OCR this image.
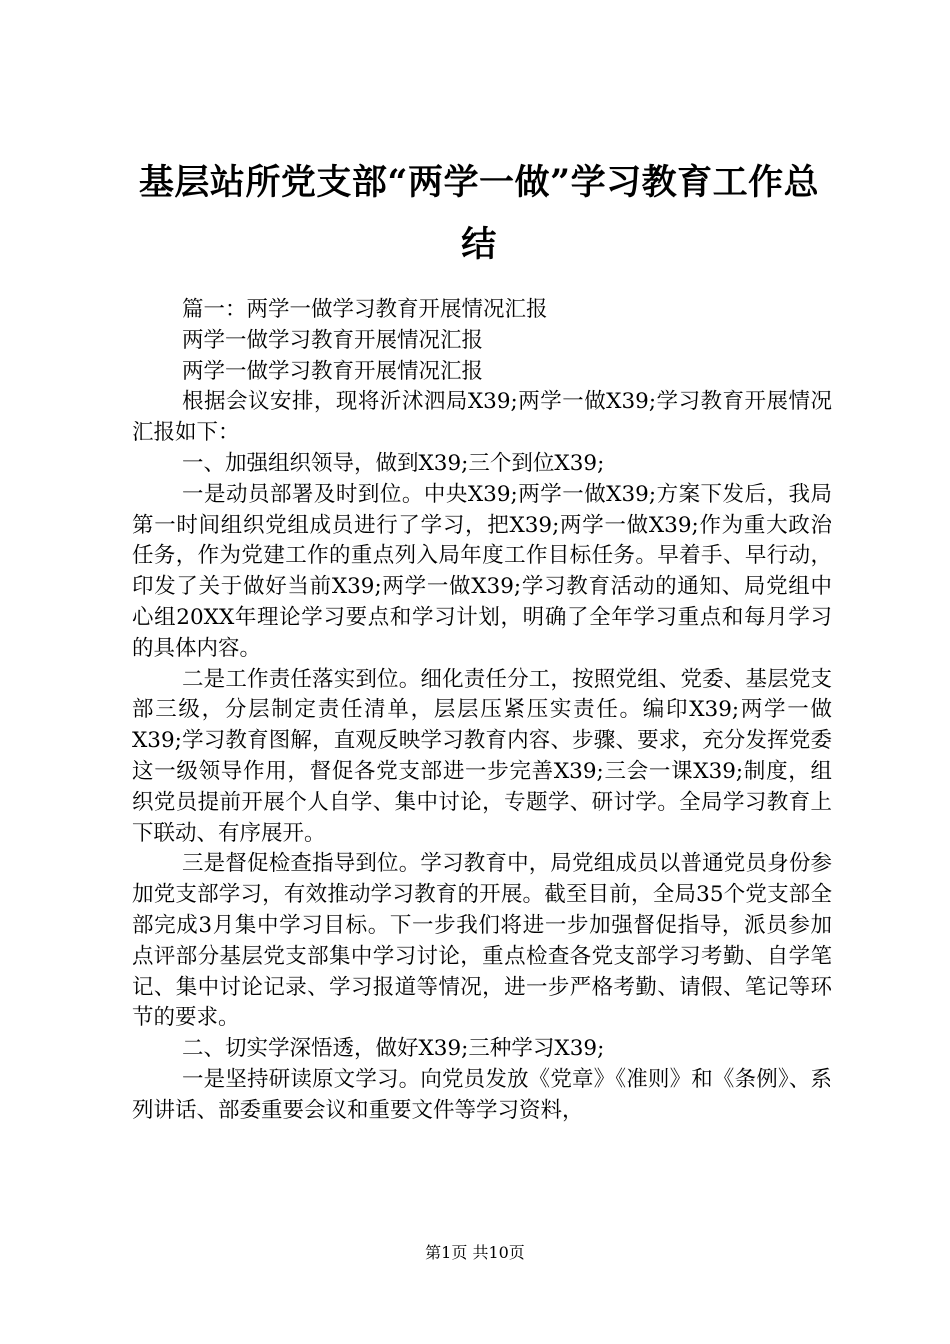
基层站所党支部“两学一做”学习教育工作总
结

篇一：两学一做学习教育开展情况汇报

两学一做学习教育开展情况汇报

两学一做学习教育开展情况汇报

根据会议安排，现将沂沭泗局X39;两学一做X39;学习教育开展情况汇报如下：

一、加强组织领导，做到X39;三个到位X39;

一是动员部署及时到位。中央X39;两学一做X39;方案下发后，我局第一时间组织党组成员进行了学习，把X39;两学一做X39;作为重大政治任务，作为党建工作的重点列入局年度工作目标任务。早着手、早行动，印发了关于做好当前X39;两学一做X39;学习教育活动的通知、局党组中心组20XX年理论学习要点和学习计划，明确了全年学习重点和每月学习的具体内容。

二是工作责任落实到位。细化责任分工，按照党组、党委、基层党支部三级，分层制定责任清单，层层压紧压实责任。编印X39;两学一做X39;学习教育图解，直观反映学习教育内容、步骤、要求，充分发挥党委这一级领导作用，督促各党支部进一步完善X39;三会一课X39;制度，组织党员提前开展个人自学、集中讨论，专题学、研讨学。全局学习教育上下联动、有序展开。

三是督促检查指导到位。学习教育中，局党组成员以普通党员身份参加党支部学习，有效推动学习教育的开展。截至目前，全局35个党支部全部完成3月集中学习目标。下一步我们将进一步加强督促指导，派员参加点评部分基层党支部集中学习讨论，重点检查各党支部学习考勤、自学笔记、集中讨论记录、学习报道等情况，进一步严格考勤、请假、笔记等环节的要求。

二、切实学深悟透，做好X39;三种学习X39;

一是坚持研读原文学习。向党员发放《党章》《准则》和《条例》、系列讲话、部委重要会议和重要文件等学习资料，

第1页 共10页
